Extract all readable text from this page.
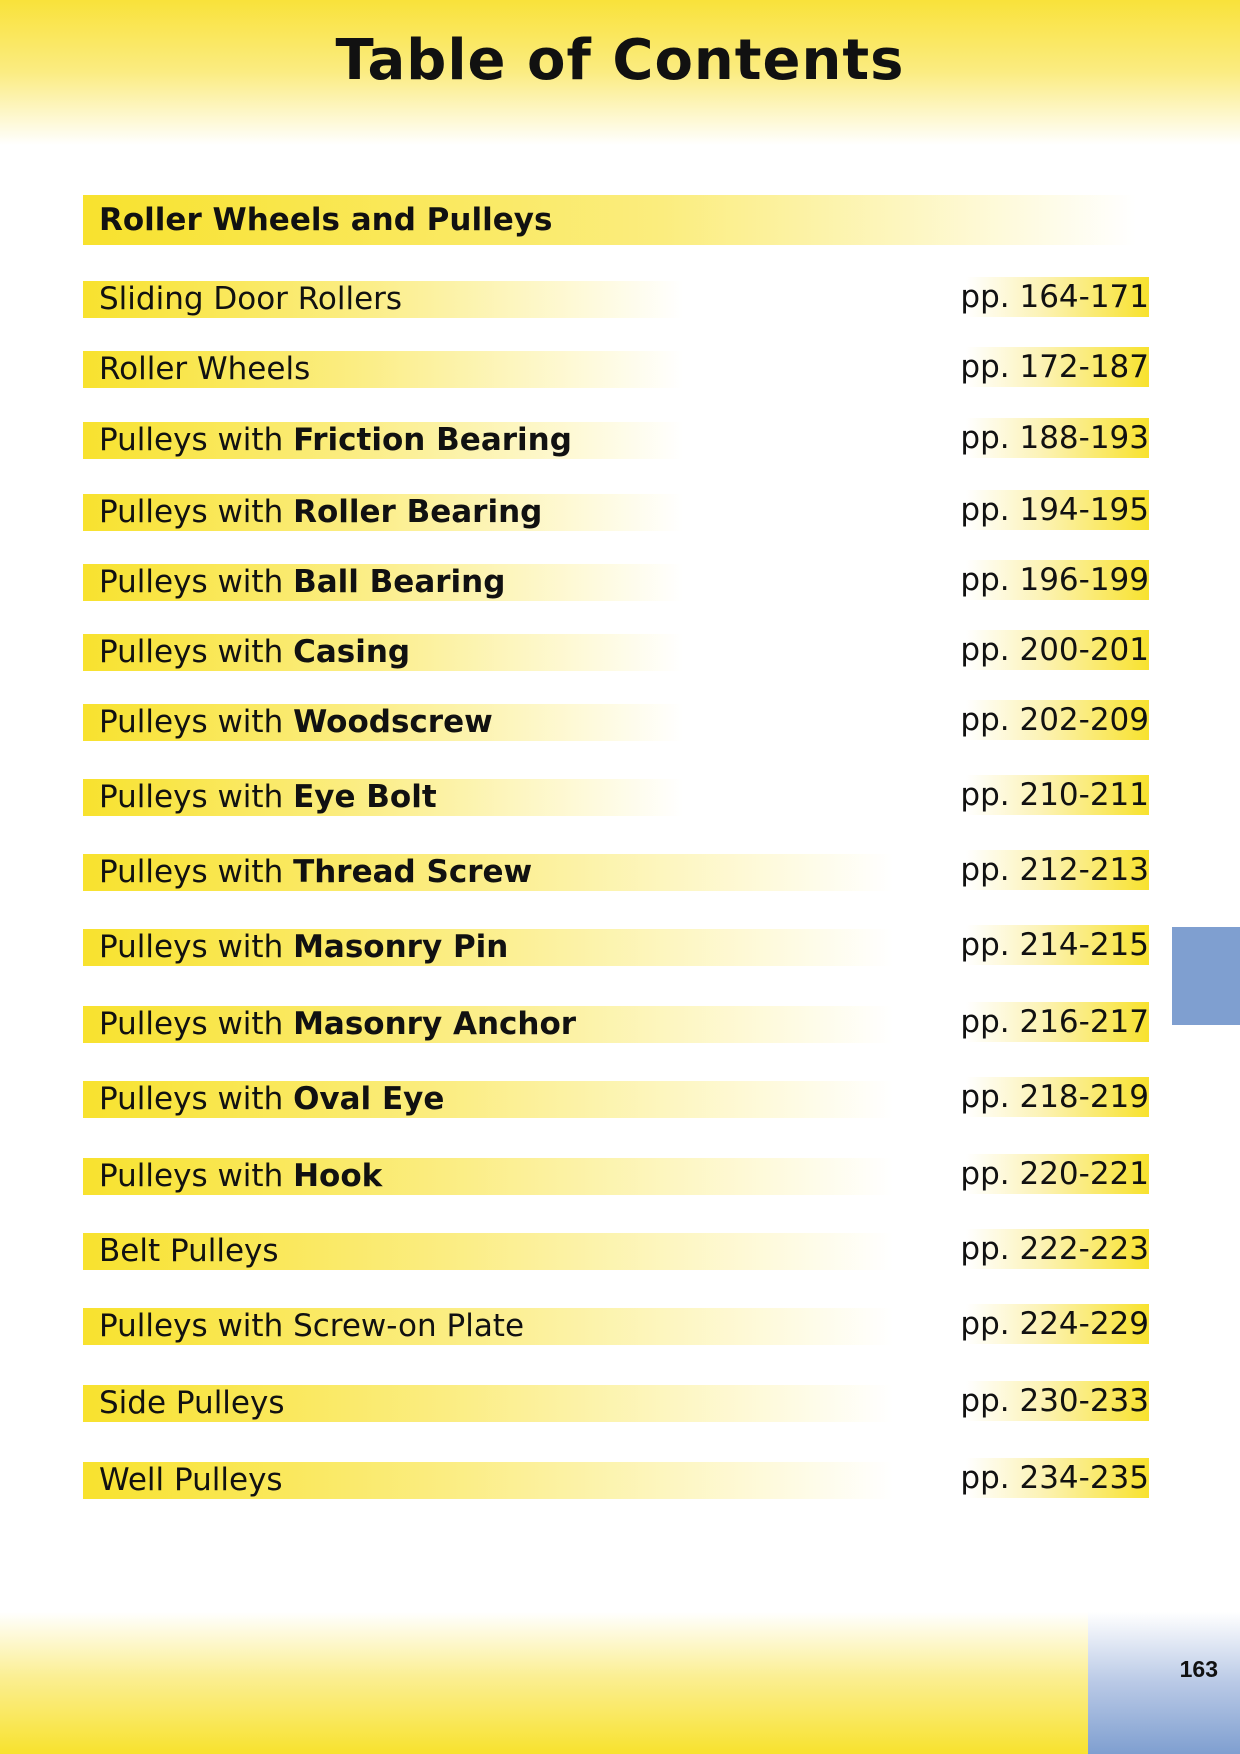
Table of Contents
Roller Wheels and Pulleys
Sliding Door Rollers	pp. 164-171
Roller Wheels	pp. 172-187
Pulleys with Friction Bearing	pp. 188-193
Pulleys with Roller Bearing	pp. 194-195
Pulleys with Ball Bearing	pp. 196-199
Pulleys with Casing	pp. 200-201
Pulleys with Woodscrew	pp. 202-209
Pulleys with Eye Bolt	pp. 210-211
Pulleys with Thread Screw	pp. 212-213
Pulleys with Masonry Pin	pp. 214-215
Pulleys with Masonry Anchor	pp. 216-217
Pulleys with Oval Eye	pp. 218-219
Pulleys with Hook	pp. 220-221
Belt Pulleys	pp. 222-223
Pulleys with Screw-on Plate	pp. 224-229
Side Pulleys	pp. 230-233
Well Pulleys	pp. 234-235
163
